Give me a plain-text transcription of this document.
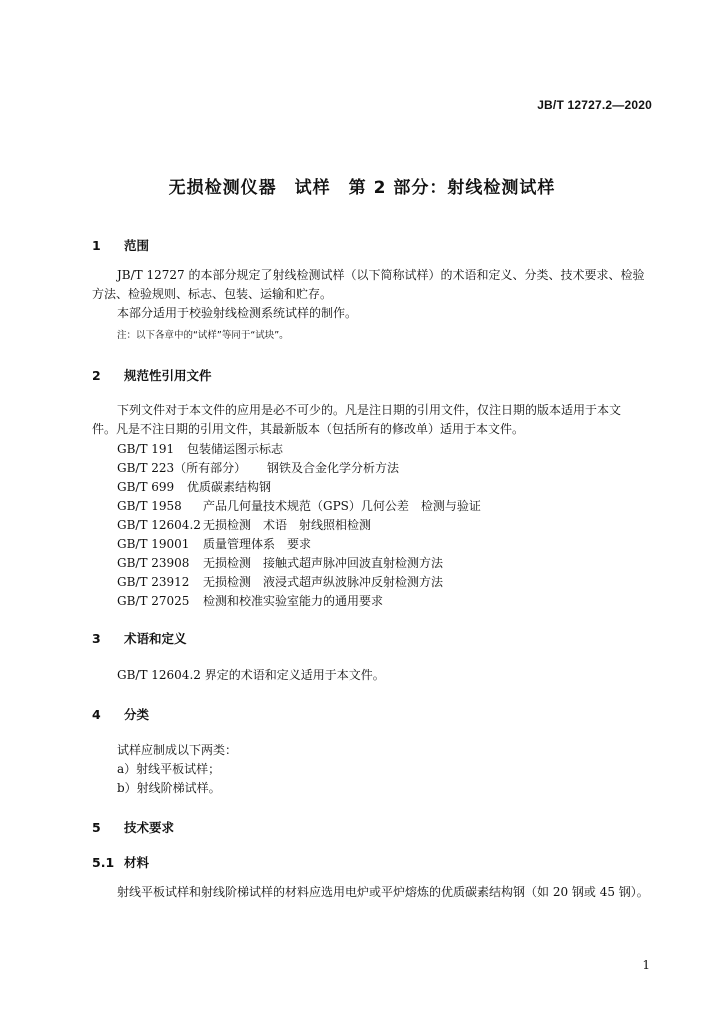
JB/T 12727.2—2020
无损检测仪器　试样　第 2 部分：射线检测试样
1 范围
JB/T 12727 的本部分规定了射线检测试样（以下简称试样）的术语和定义、分类、技术要求、检验
方法、检验规则、标志、包装、运输和贮存。
本部分适用于校验射线检测系统试样的制作。
注：以下各章中的“试样”等同于“试块”。
2 规范性引用文件
下列文件对于本文件的应用是必不可少的。凡是注日期的引用文件，仅注日期的版本适用于本文
件。凡是不注日期的引用文件，其最新版本（包括所有的修改单）适用于本文件。
GB/T 191 包装储运图示标志
GB/T 223（所有部分） 钢铁及合金化学分析方法
GB/T 699 优质碳素结构钢
GB/T 1958 产品几何量技术规范（GPS）几何公差　检测与验证
GB/T 12604.2 无损检测　术语　射线照相检测
GB/T 19001 质量管理体系　要求
GB/T 23908 无损检测　接触式超声脉冲回波直射检测方法
GB/T 23912 无损检测　液浸式超声纵波脉冲反射检测方法
GB/T 27025 检测和校准实验室能力的通用要求
3 术语和定义
GB/T 12604.2 界定的术语和定义适用于本文件。
4 分类
试样应制成以下两类：
a）射线平板试样；
b）射线阶梯试样。
5 技术要求
5.1 材料
射线平板试样和射线阶梯试样的材料应选用电炉或平炉熔炼的优质碳素结构钢（如 20 钢或 45 钢）。
1
